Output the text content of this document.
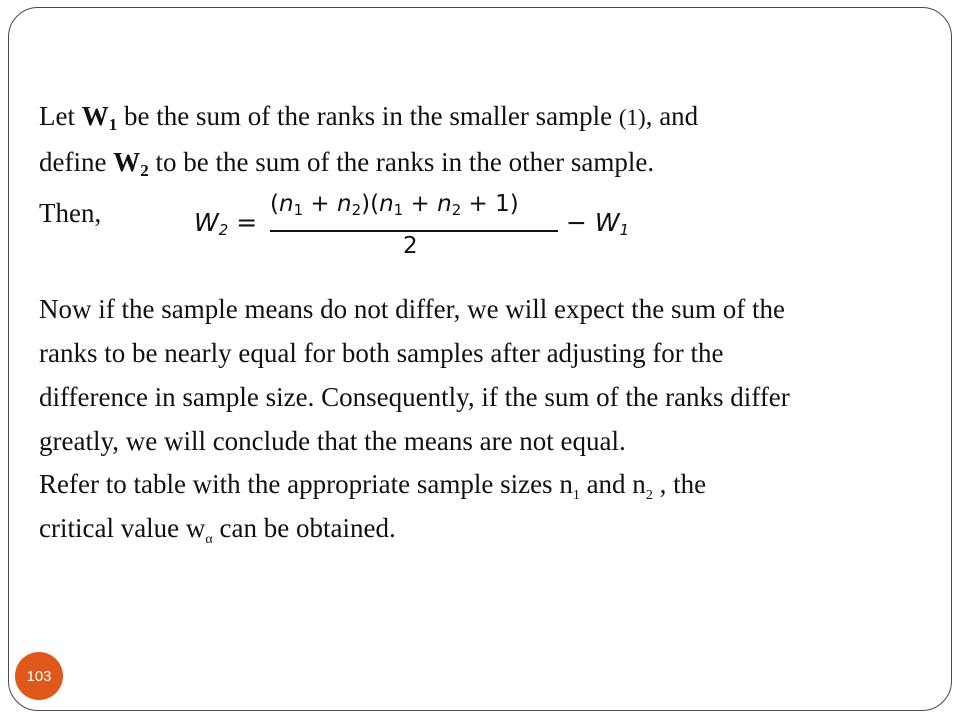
Let $W_1$ be the sum of the ranks in the smaller sample (1), and
define $W_2$ to be the sum of the ranks in the other sample.

Then,	$W_2$ =
$(n_1 + n_2)(n_1 + n_2 + 1)$
2
− $W_1$

Now if the sample means do not differ, we will expect the sum of the
ranks to be nearly equal for both samples after adjusting for the
difference in sample size. Consequently, if the sum of the ranks differ
greatly, we will conclude that the means are not equal.

Refer to table with the appropriate sample sizes $n_1$ and $n_2$ , the
critical value $w_\alpha$ can be obtained.

103
